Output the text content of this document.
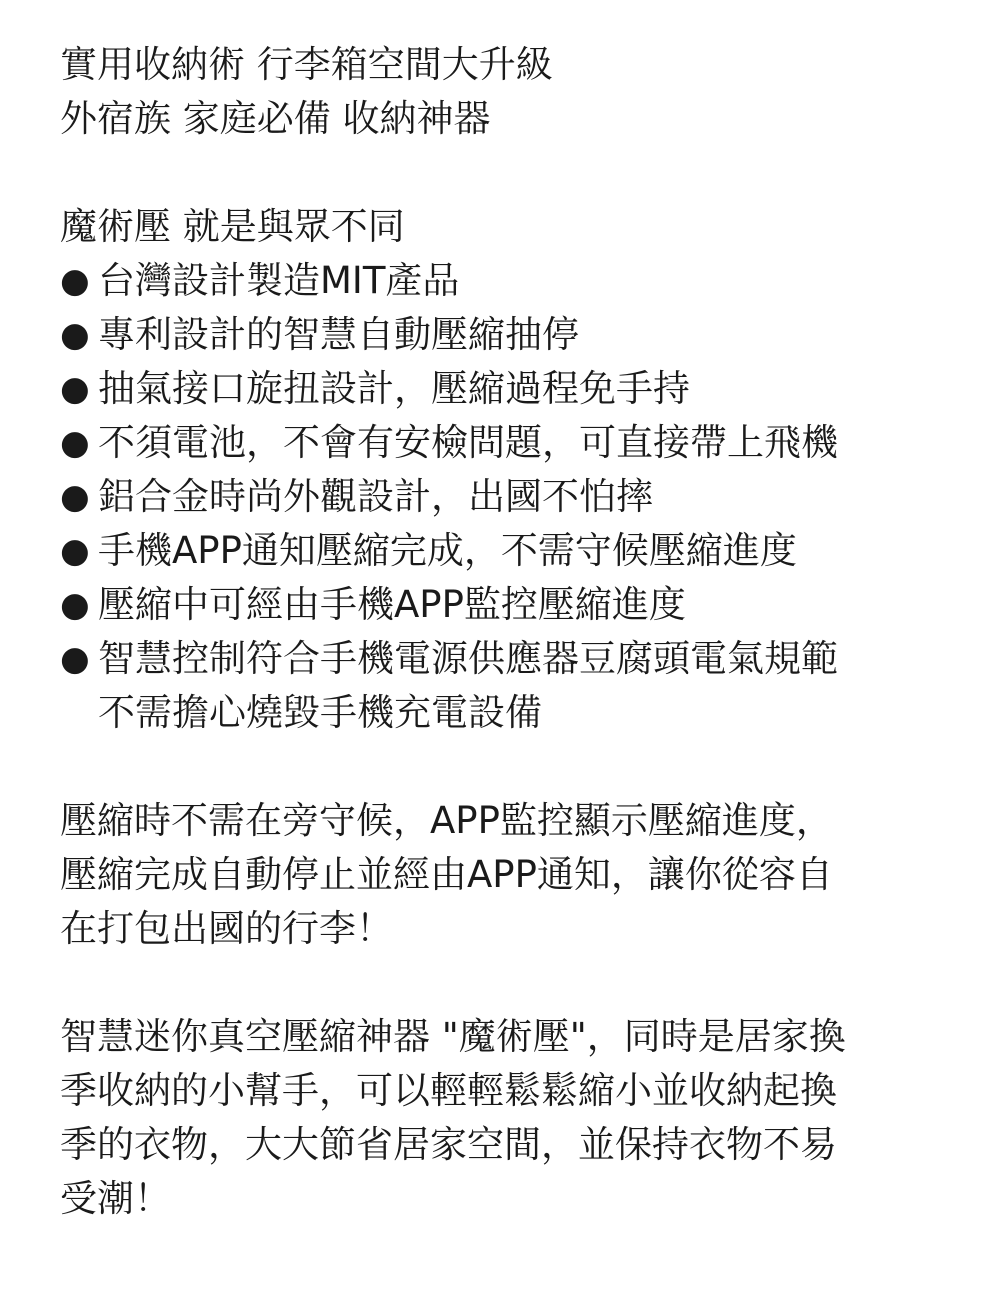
實用收納術 行李箱空間大升級
外宿族 家庭必備 收納神器
魔術壓 就是與眾不同
● 台灣設計製造MIT產品
● 專利設計的智慧自動壓縮抽停
● 抽氣接口旋扭設計，壓縮過程免手持
● 不須電池，不會有安檢問題，可直接帶上飛機
● 鋁合金時尚外觀設計，出國不怕摔
● 手機APP通知壓縮完成，不需守候壓縮進度
● 壓縮中可經由手機APP監控壓縮進度
● 智慧控制符合手機電源供應器豆腐頭電氣規範
不需擔心燒毀手機充電設備
壓縮時不需在旁守候，APP監控顯示壓縮進度，
壓縮完成自動停止並經由APP通知，讓你從容自
在打包出國的行李！
智慧迷你真空壓縮神器 "魔術壓"，同時是居家換
季收納的小幫手，可以輕輕鬆鬆縮小並收納起換
季的衣物，大大節省居家空間，並保持衣物不易
受潮！
